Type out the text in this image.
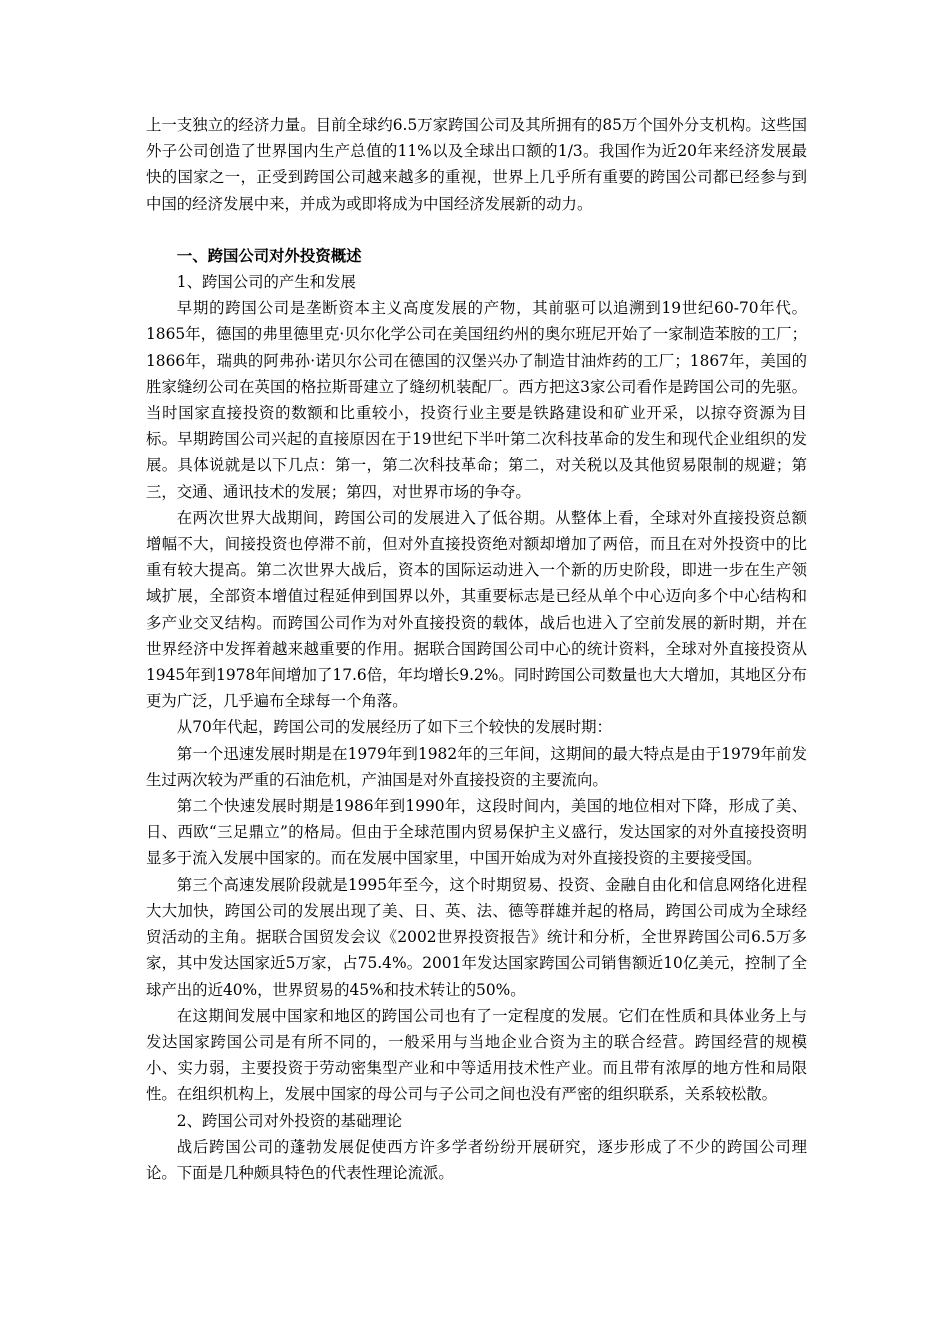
上一支独立的经济力量。目前全球约6.5万家跨国公司及其所拥有的85万个国外分支机构。这些国外子公司创造了世界国内生产总值的11%以及全球出口额的1/3。我国作为近20年来经济发展最快的国家之一，正受到跨国公司越来越多的重视，世界上几乎所有重要的跨国公司都已经参与到中国的经济发展中来，并成为或即将成为中国经济发展新的动力。

一、跨国公司对外投资概述

1、跨国公司的产生和发展

早期的跨国公司是垄断资本主义高度发展的产物，其前驱可以追溯到19世纪60-70年代。1865年，德国的弗里德里克·贝尔化学公司在美国纽约州的奥尔班尼开始了一家制造苯胺的工厂；1866年，瑞典的阿弗孙·诺贝尔公司在德国的汉堡兴办了制造甘油炸药的工厂；1867年，美国的胜家缝纫公司在英国的格拉斯哥建立了缝纫机装配厂。西方把这3家公司看作是跨国公司的先驱。当时国家直接投资的数额和比重较小，投资行业主要是铁路建设和矿业开采，以掠夺资源为目标。早期跨国公司兴起的直接原因在于19世纪下半叶第二次科技革命的发生和现代企业组织的发展。具体说就是以下几点：第一，第二次科技革命；第二，对关税以及其他贸易限制的规避；第三，交通、通讯技术的发展；第四，对世界市场的争夺。

在两次世界大战期间，跨国公司的发展进入了低谷期。从整体上看，全球对外直接投资总额增幅不大，间接投资也停滞不前，但对外直接投资绝对额却增加了两倍，而且在对外投资中的比重有较大提高。第二次世界大战后，资本的国际运动进入一个新的历史阶段，即进一步在生产领域扩展，全部资本增值过程延伸到国界以外，其重要标志是已经从单个中心迈向多个中心结构和多产业交叉结构。而跨国公司作为对外直接投资的载体，战后也进入了空前发展的新时期，并在世界经济中发挥着越来越重要的作用。据联合国跨国公司中心的统计资料，全球对外直接投资从1945年到1978年间增加了17.6倍，年均增长9.2%。同时跨国公司数量也大大增加，其地区分布更为广泛，几乎遍布全球每一个角落。

从70年代起，跨国公司的发展经历了如下三个较快的发展时期：

第一个迅速发展时期是在1979年到1982年的三年间，这期间的最大特点是由于1979年前发生过两次较为严重的石油危机，产油国是对外直接投资的主要流向。

第二个快速发展时期是1986年到1990年，这段时间内，美国的地位相对下降，形成了美、日、西欧“三足鼎立”的格局。但由于全球范围内贸易保护主义盛行，发达国家的对外直接投资明显多于流入发展中国家的。而在发展中国家里，中国开始成为对外直接投资的主要接受国。

第三个高速发展阶段就是1995年至今，这个时期贸易、投资、金融自由化和信息网络化进程大大加快，跨国公司的发展出现了美、日、英、法、德等群雄并起的格局，跨国公司成为全球经贸活动的主角。据联合国贸发会议《2002世界投资报告》统计和分析，全世界跨国公司6.5万多家，其中发达国家近5万家，占75.4%。2001年发达国家跨国公司销售额近10亿美元，控制了全球产出的近40%，世界贸易的45%和技术转让的50%。

在这期间发展中国家和地区的跨国公司也有了一定程度的发展。它们在性质和具体业务上与发达国家跨国公司是有所不同的，一般采用与当地企业合资为主的联合经营。跨国经营的规模小、实力弱，主要投资于劳动密集型产业和中等适用技术性产业。而且带有浓厚的地方性和局限性。在组织机构上，发展中国家的母公司与子公司之间也没有严密的组织联系，关系较松散。

2、跨国公司对外投资的基础理论

战后跨国公司的蓬勃发展促使西方许多学者纷纷开展研究，逐步形成了不少的跨国公司理论。下面是几种颇具特色的代表性理论流派。
